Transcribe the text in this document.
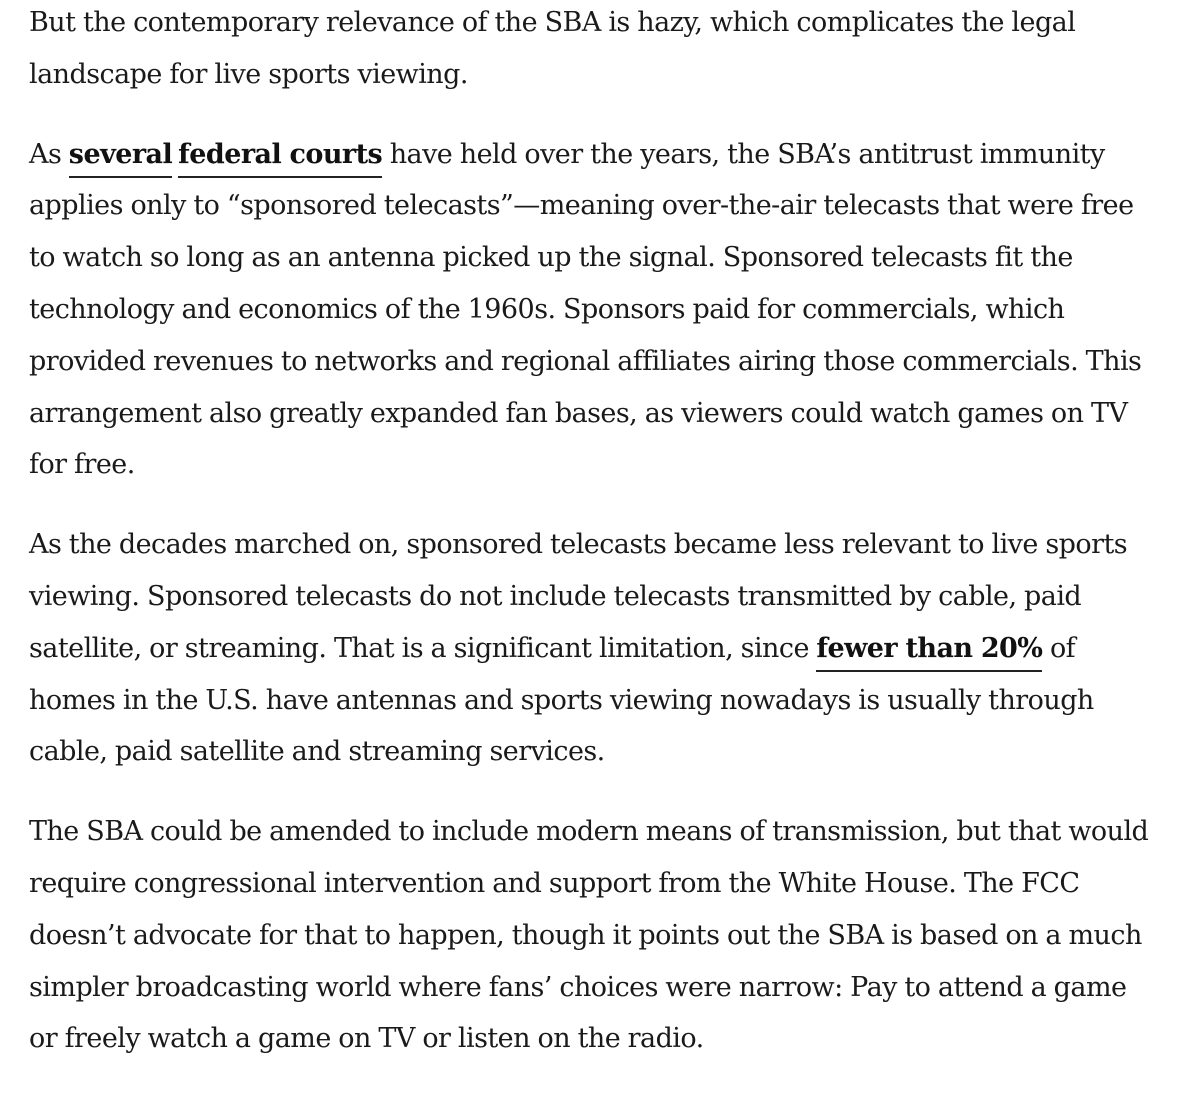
But the contemporary relevance of the SBA is hazy, which complicates the legal landscape for live sports viewing.

As several federal courts have held over the years, the SBA’s antitrust immunity applies only to “sponsored telecasts”—meaning over-the-air telecasts that were free to watch so long as an antenna picked up the signal. Sponsored telecasts fit the technology and economics of the 1960s. Sponsors paid for commercials, which provided revenues to networks and regional affiliates airing those commercials. This arrangement also greatly expanded fan bases, as viewers could watch games on TV for free.

As the decades marched on, sponsored telecasts became less relevant to live sports viewing. Sponsored telecasts do not include telecasts transmitted by cable, paid satellite, or streaming. That is a significant limitation, since fewer than 20% of homes in the U.S. have antennas and sports viewing nowadays is usually through cable, paid satellite and streaming services.

The SBA could be amended to include modern means of transmission, but that would require congressional intervention and support from the White House. The FCC doesn’t advocate for that to happen, though it points out the SBA is based on a much simpler broadcasting world where fans’ choices were narrow: Pay to attend a game or freely watch a game on TV or listen on the radio.
